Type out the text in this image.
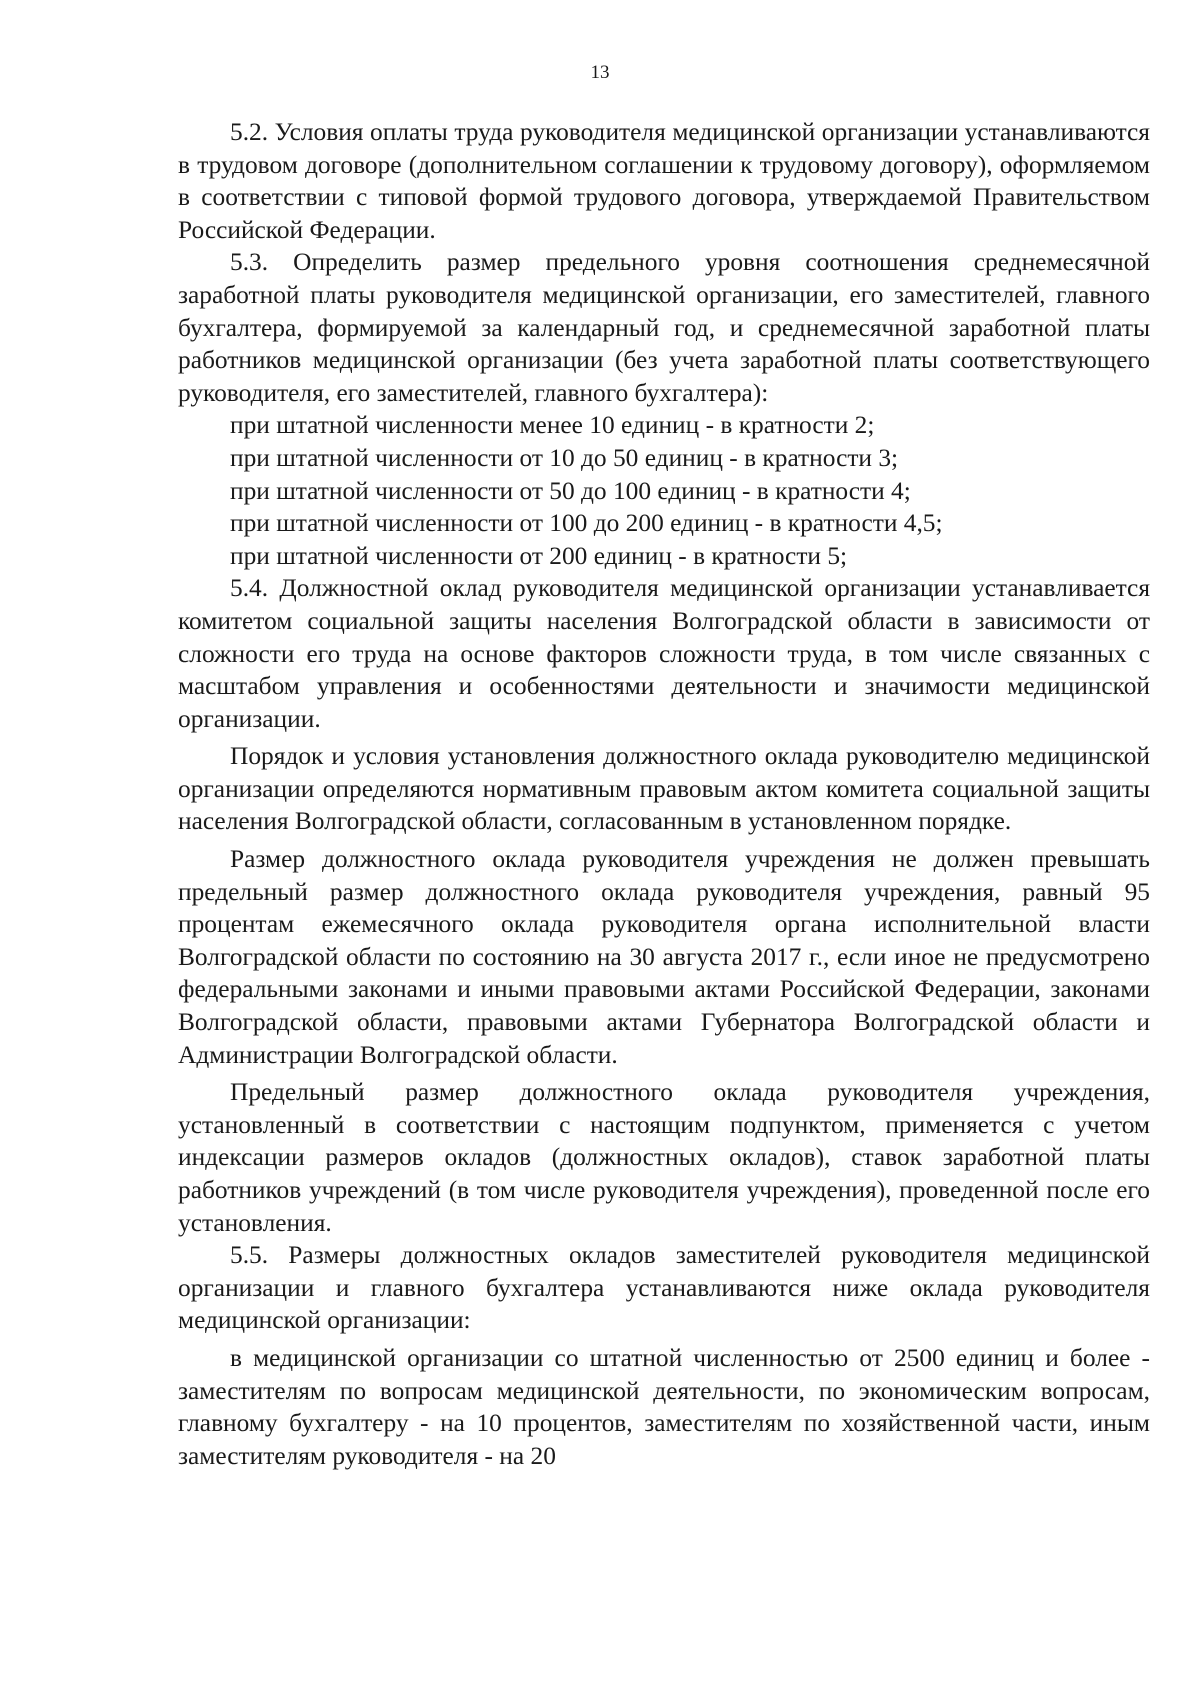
13

5.2. Условия оплаты труда руководителя медицинской организации устанавливаются в трудовом договоре (дополнительном соглашении к трудовому договору), оформляемом в соответствии с типовой формой трудового договора, утверждаемой Правительством Российской Федерации.

5.3. Определить размер предельного уровня соотношения среднемесячной заработной платы руководителя медицинской организации, его заместителей, главного бухгалтера, формируемой за календарный год, и среднемесячной заработной платы работников медицинской организации (без учета заработной платы соответствующего руководителя, его заместителей, главного бухгалтера):

при штатной численности менее 10 единиц - в кратности 2;

при штатной численности от 10 до 50 единиц - в кратности 3;

при штатной численности от 50 до 100 единиц - в кратности 4;

при штатной численности от 100 до 200 единиц - в кратности 4,5;

при штатной численности от 200 единиц - в кратности 5;

5.4. Должностной оклад руководителя медицинской организации устанавливается комитетом социальной защиты населения Волгоградской области в зависимости от сложности его труда на основе факторов сложности труда, в том числе связанных с масштабом управления и особенностями деятельности и значимости медицинской организации.

Порядок и условия установления должностного оклада руководителю медицинской организации определяются нормативным правовым актом комитета социальной защиты населения Волгоградской области, согласованным в установленном порядке.

Размер должностного оклада руководителя учреждения не должен превышать предельный размер должностного оклада руководителя учреждения, равный 95 процентам ежемесячного оклада руководителя органа исполнительной власти Волгоградской области по состоянию на 30 августа 2017 г., если иное не предусмотрено федеральными законами и иными правовыми актами Российской Федерации, законами Волгоградской области, правовыми актами Губернатора Волгоградской области и Администрации Волгоградской области.

Предельный размер должностного оклада руководителя учреждения, установленный в соответствии с настоящим подпунктом, применяется с учетом индексации размеров окладов (должностных окладов), ставок заработной платы работников учреждений (в том числе руководителя учреждения), проведенной после его установления.

5.5. Размеры должностных окладов заместителей руководителя медицинской организации и главного бухгалтера устанавливаются ниже оклада руководителя медицинской организации:

в медицинской организации со штатной численностью от 2500 единиц и более - заместителям по вопросам медицинской деятельности, по экономическим вопросам, главному бухгалтеру - на 10 процентов, заместителям по хозяйственной части, иным заместителям руководителя - на 20
